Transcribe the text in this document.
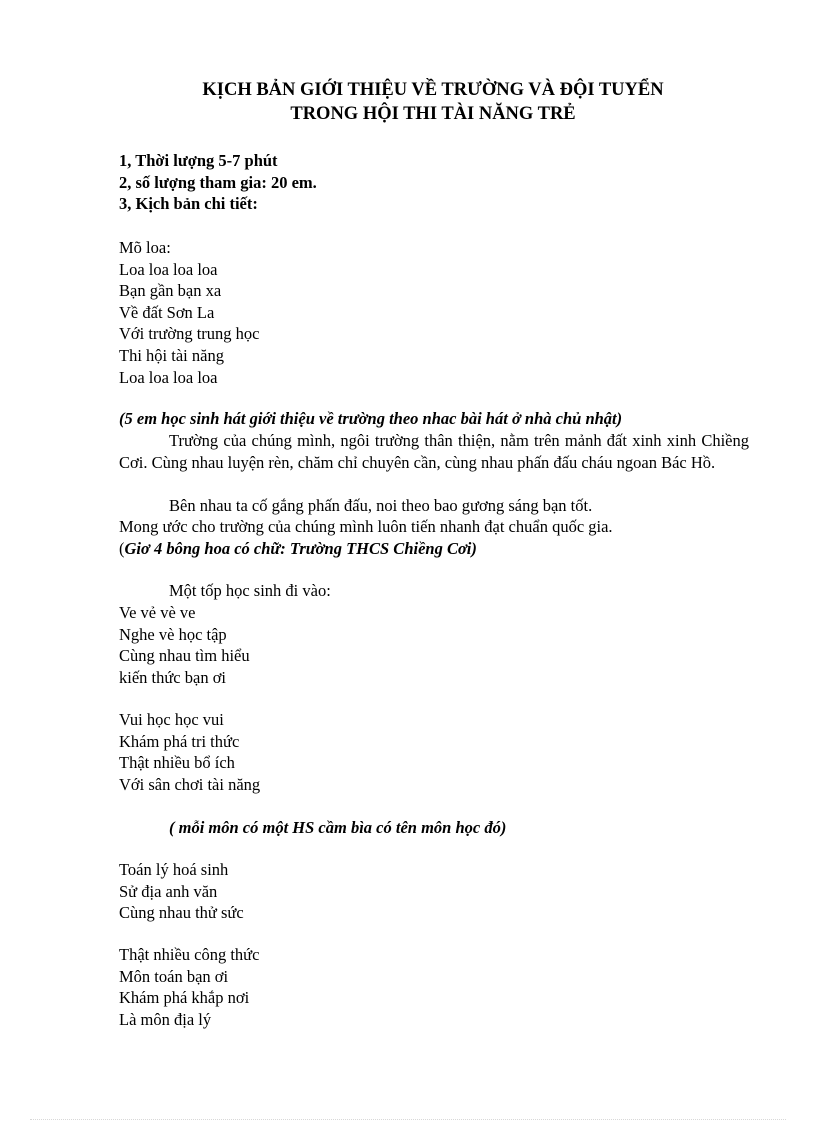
KỊCH BẢN GIỚI THIỆU VỀ TRƯỜNG VÀ ĐỘI TUYỂN
TRONG HỘI THI TÀI NĂNG TRẺ
1, Thời lượng 5-7 phút
2, số lượng tham gia: 20 em.
3, Kịch bản chi tiết:
Mõ loa:
Loa loa loa loa
Bạn gần bạn xa
Về đất Sơn La
Với trường trung học
Thi hội tài năng
Loa loa loa loa
(5 em học sinh hát giới thiệu về trường theo nhac bài hát ở nhà chủ nhật)
Trường của chúng mình, ngôi trường thân thiện, nằm trên mảnh đất xinh xinh Chiềng Cơi. Cùng nhau luyện rèn, chăm chỉ chuyên cần, cùng nhau phấn đấu cháu ngoan Bác Hồ.
Bên nhau ta cố gắng phấn đấu, noi theo bao gương sáng bạn tốt.
Mong ước cho trường của chúng mình luôn tiến nhanh đạt chuẩn quốc gia.
(Giơ 4 bông hoa có chữ: Trường THCS Chiềng Cơi)
Một tốp học sinh đi vào:
Ve vẻ vè ve
Nghe vè học tập
Cùng nhau tìm hiểu
kiến thức bạn ơi
Vui học học vui
Khám phá tri thức
Thật nhiều bổ ích
Với sân chơi tài năng
( mỗi môn có một HS cầm bìa có tên môn học đó)
Toán lý hoá sinh
Sử địa anh văn
Cùng nhau thử sức
Thật nhiều công thức
Môn toán bạn ơi
Khám phá khắp nơi
Là môn địa lý
